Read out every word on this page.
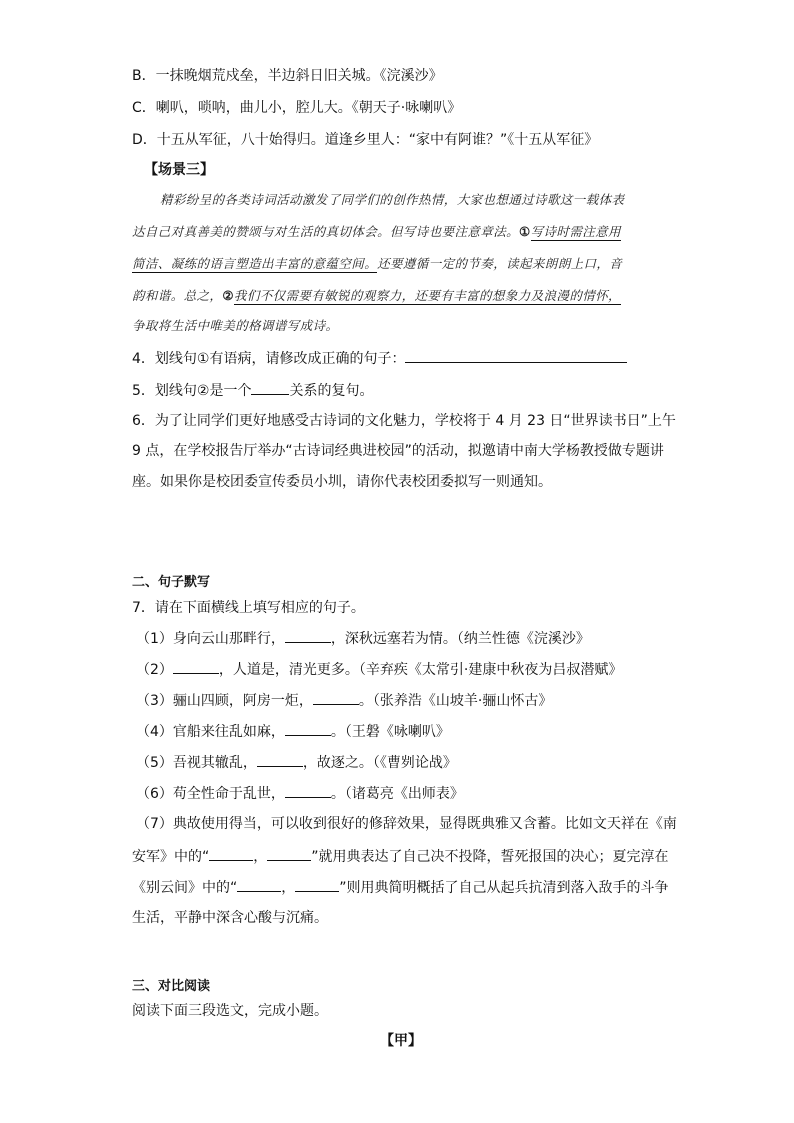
B．一抹晚烟荒戍垒，半边斜日旧关城。《浣溪沙》
C．喇叭，唢呐，曲儿小，腔儿大。《朝天子·咏喇叭》
D．十五从军征，八十始得归。道逢乡里人：“家中有阿谁？”《十五从军征》
【场景三】
精彩纷呈的各类诗词活动激发了同学们的创作热情，大家也想通过诗歌这一载体表
达自己对真善美的赞颂与对生活的真切体会。但写诗也要注意章法。①写诗时需注意用
简洁、凝练的语言塑造出丰富的意蕴空间。还要遵循一定的节奏，读起来朗朗上口，音
韵和谐。总之，②我们不仅需要有敏锐的观察力，还要有丰富的想象力及浪漫的情怀，
争取将生活中唯美的格调谱写成诗。
4．划线句①有语病，请修改成正确的句子：
5．划线句②是一个	关系的复句。
6．为了让同学们更好地感受古诗词的文化魅力，学校将于 4 月 23 日“世界读书日”上午
9 点，在学校报告厅举办“古诗词经典进校园”的活动，拟邀请中南大学杨教授做专题讲
座。如果你是校团委宣传委员小圳，请你代表校团委拟写一则通知。
二、句子默写
7．请在下面横线上填写相应的句子。
（1）身向云山那畔行，	，深秋远塞若为情。（纳兰性德《浣溪沙》
（2）	，人道是，清光更多。（辛弃疾《太常引·建康中秋夜为吕叔潜赋》
（3）骊山四顾，阿房一炬，	。（张养浩《山坡羊·骊山怀古》
（4）官船来往乱如麻，	。（王磐《咏喇叭》
（5）吾视其辙乱，	，故逐之。（《曹刿论战》
（6）苟全性命于乱世，	。（诸葛亮《出师表》
（7）典故使用得当，可以收到很好的修辞效果，显得既典雅又含蓄。比如文天祥在《南
安军》中的“	，	”就用典表达了自己决不投降，誓死报国的决心；夏完淳在
《别云间》中的“	，	”则用典简明概括了自己从起兵抗清到落入敌手的斗争
生活，平静中深含心酸与沉痛。
三、对比阅读
阅读下面三段选文，完成小题。
【甲】
